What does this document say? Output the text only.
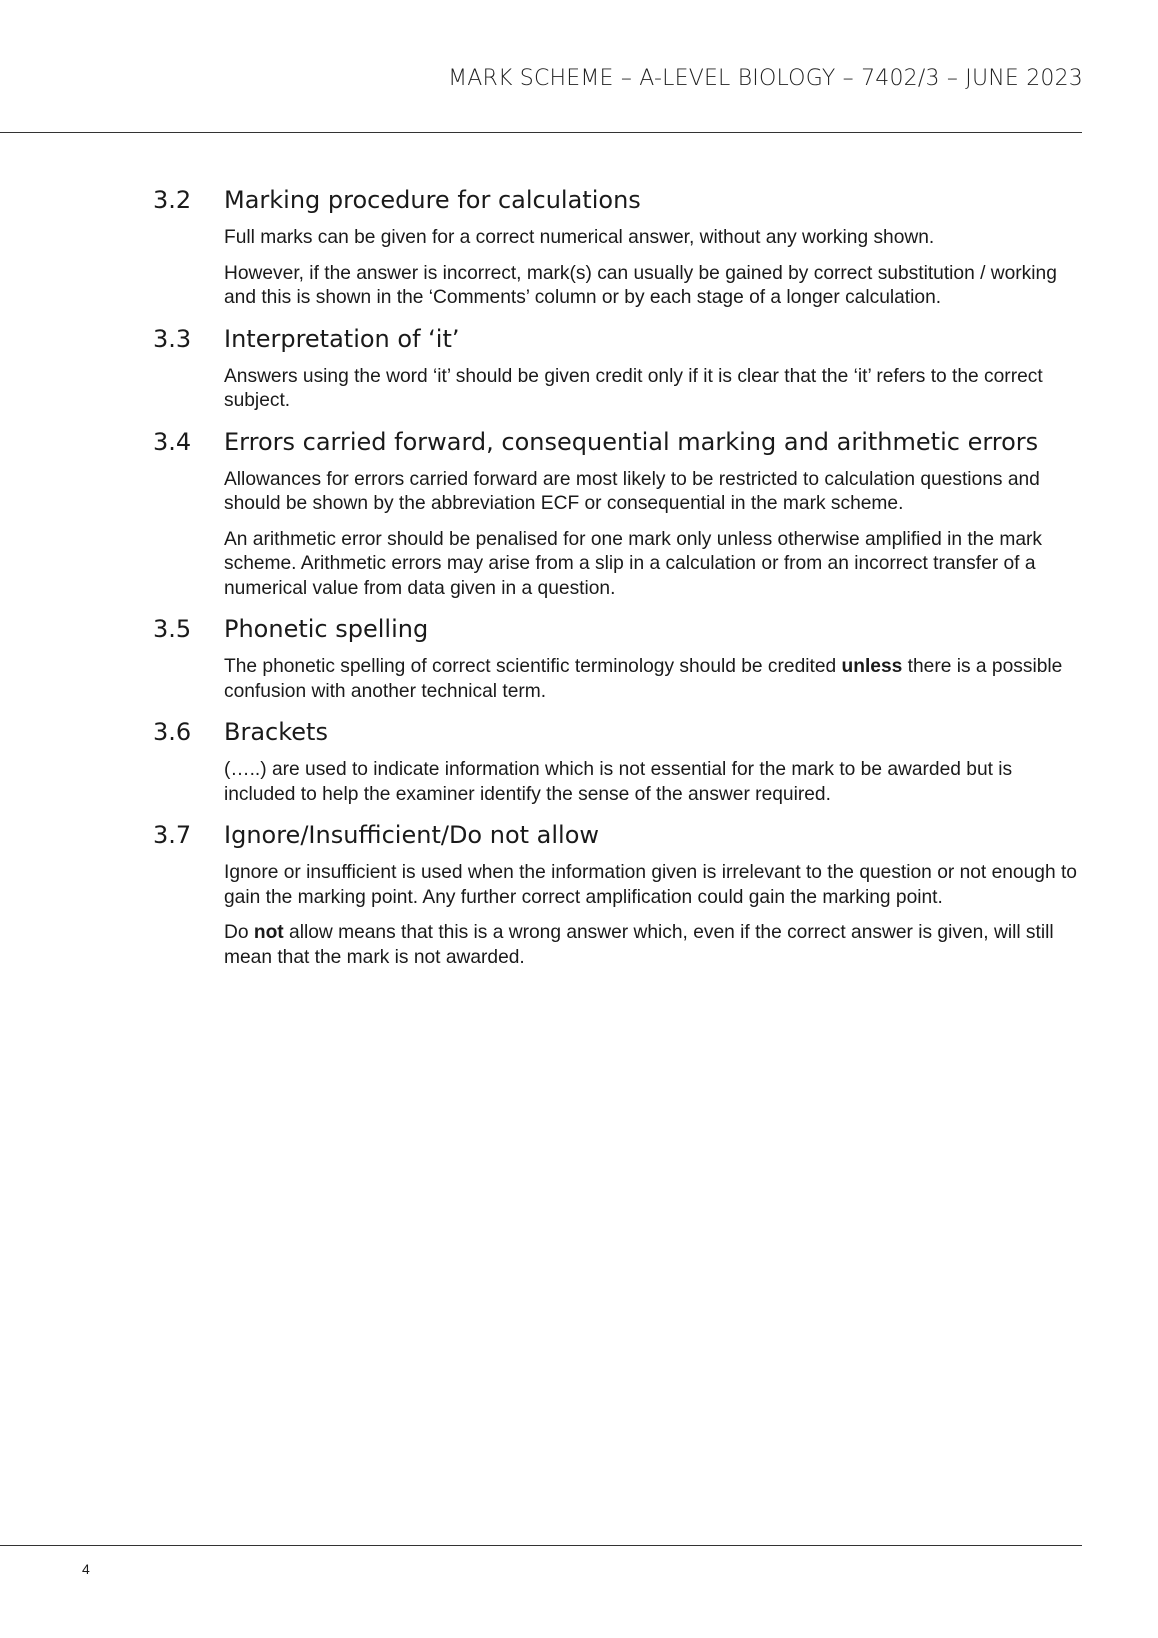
MARK SCHEME – A-LEVEL BIOLOGY – 7402/3 – JUNE 2023
3.2 Marking procedure for calculations

Full marks can be given for a correct numerical answer, without any working shown.

However, if the answer is incorrect, mark(s) can usually be gained by correct substitution / working and this is shown in the ‘Comments’ column or by each stage of a longer calculation.

3.3 Interpretation of ‘it’

Answers using the word ‘it’ should be given credit only if it is clear that the ‘it’ refers to the correct subject.

3.4 Errors carried forward, consequential marking and arithmetic errors

Allowances for errors carried forward are most likely to be restricted to calculation questions and should be shown by the abbreviation ECF or consequential in the mark scheme.

An arithmetic error should be penalised for one mark only unless otherwise amplified in the mark scheme. Arithmetic errors may arise from a slip in a calculation or from an incorrect transfer of a numerical value from data given in a question.

3.5 Phonetic spelling

The phonetic spelling of correct scientific terminology should be credited unless there is a possible confusion with another technical term.

3.6 Brackets

(…..) are used to indicate information which is not essential for the mark to be awarded but is included to help the examiner identify the sense of the answer required.

3.7 Ignore/Insufficient/Do not allow

Ignore or insufficient is used when the information given is irrelevant to the question or not enough to gain the marking point. Any further correct amplification could gain the marking point.

Do not allow means that this is a wrong answer which, even if the correct answer is given, will still mean that the mark is not awarded.

4
